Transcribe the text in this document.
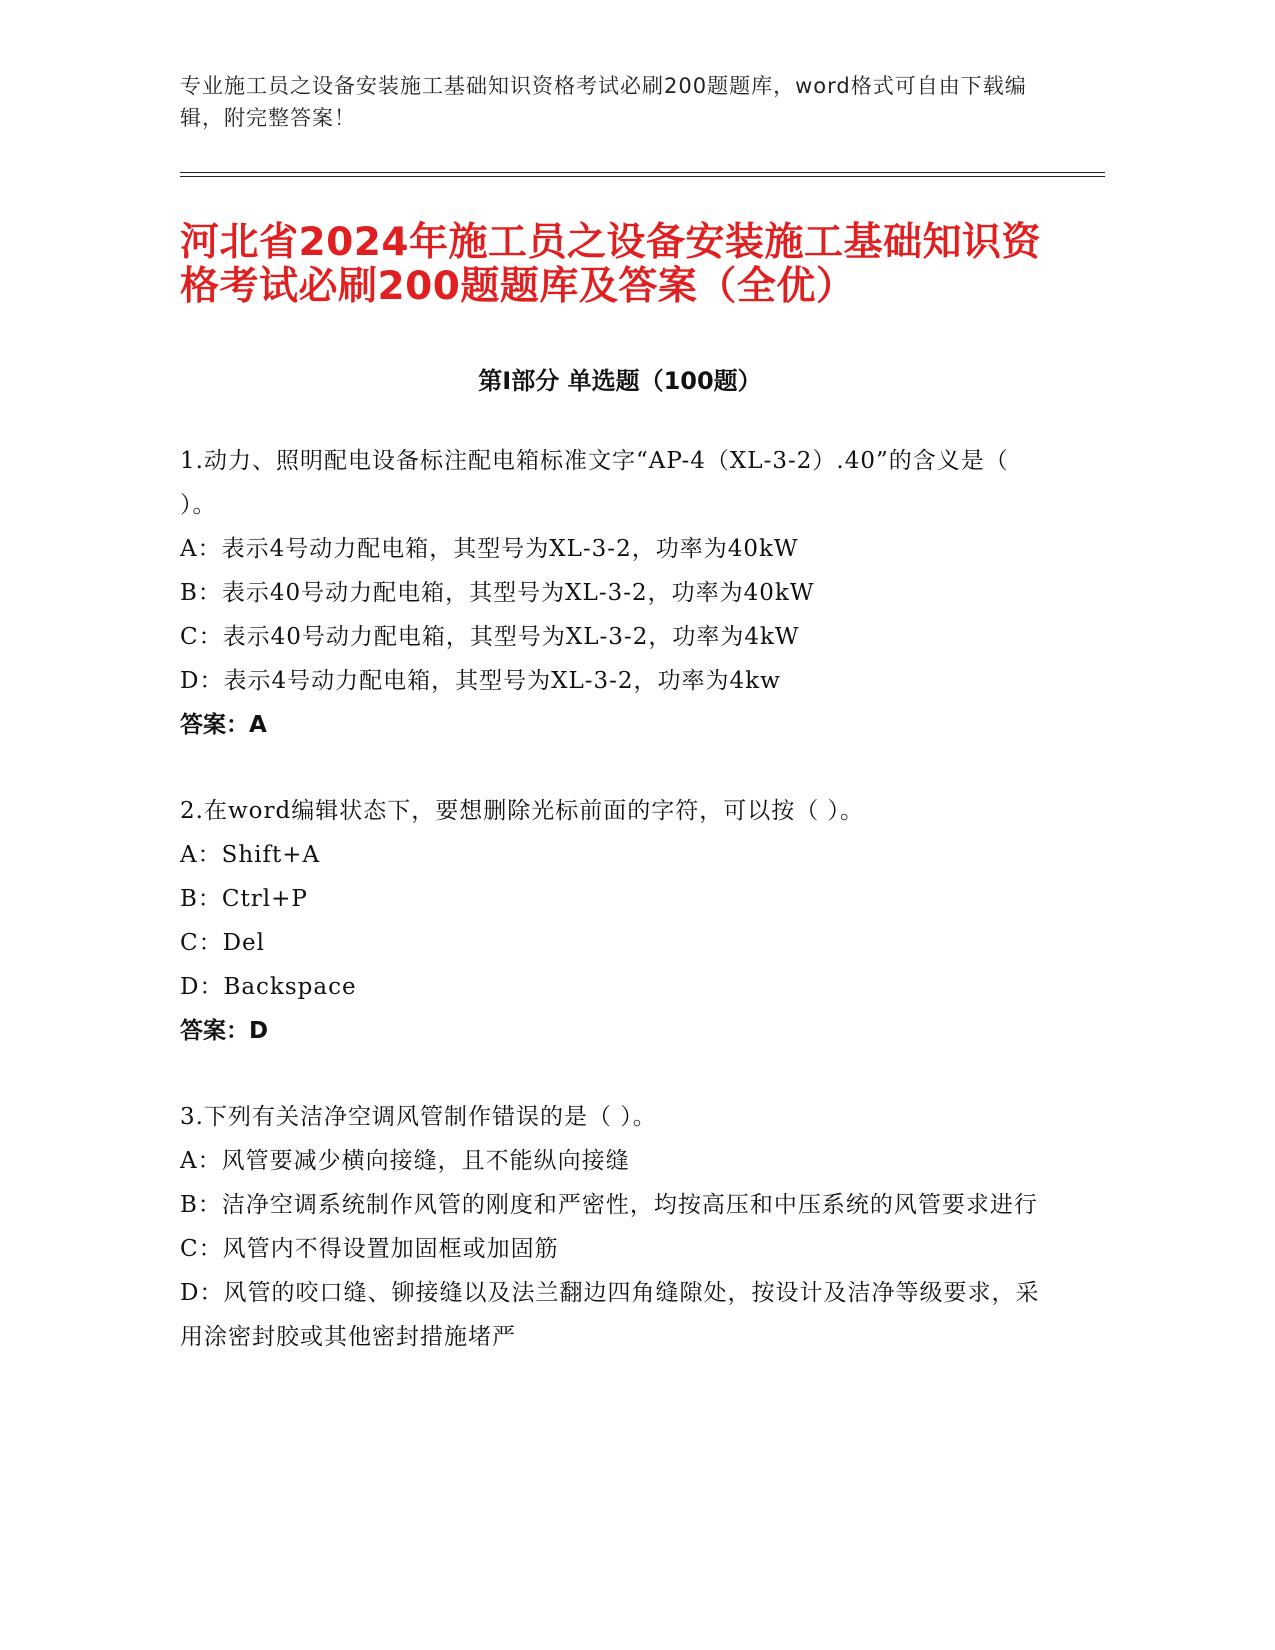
专业施工员之设备安装施工基础知识资格考试必刷200题题库，word格式可自由下载编辑，附完整答案！
河北省2024年施工员之设备安装施工基础知识资格考试必刷200题题库及答案（全优）
第I部分 单选题（100题）
1.动力、照明配电设备标注配电箱标准文字“AP-4（XL-3-2）.40”的含义是（ ）。
A：表示4号动力配电箱，其型号为XL-3-2，功率为40kW
B：表示40号动力配电箱，其型号为XL-3-2，功率为40kW
C：表示40号动力配电箱，其型号为XL-3-2，功率为4kW
D：表示4号动力配电箱，其型号为XL-3-2，功率为4kw
答案：A
2.在word编辑状态下，要想删除光标前面的字符，可以按（ ）。
A：Shift+A
B：Ctrl+P
C：Del
D：Backspace
答案：D
3.下列有关洁净空调风管制作错误的是（ ）。
A：风管要减少横向接缝，且不能纵向接缝
B：洁净空调系统制作风管的刚度和严密性，均按高压和中压系统的风管要求进行
C：风管内不得设置加固框或加固筋
D：风管的咬口缝、铆接缝以及法兰翻边四角缝隙处，按设计及洁净等级要求，采用涂密封胶或其他密封措施堵严
